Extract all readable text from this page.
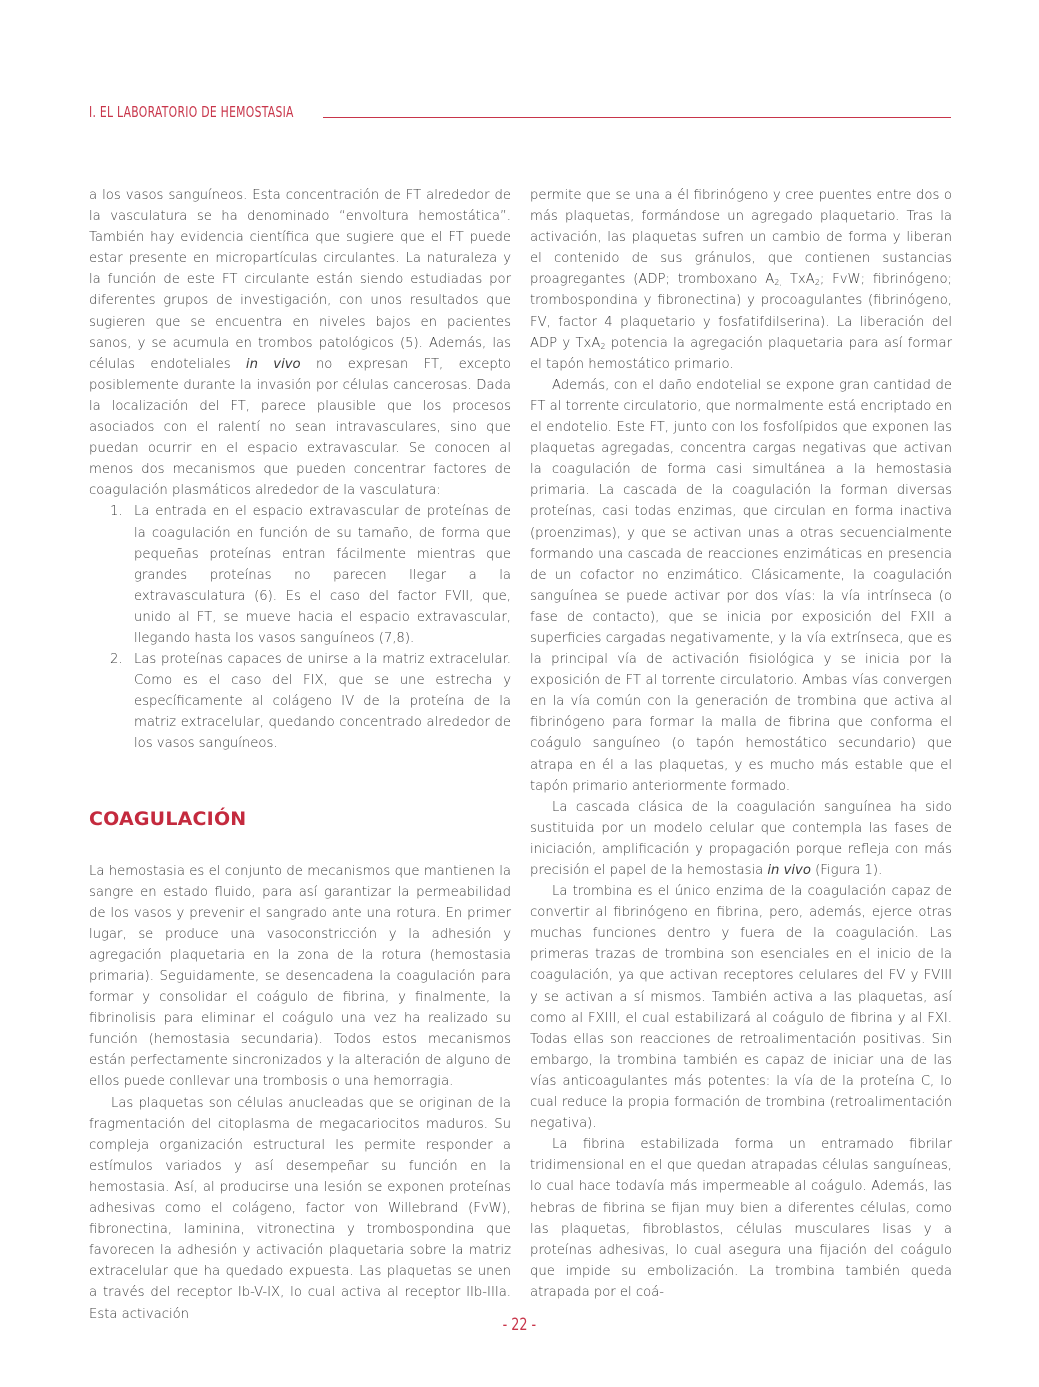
I. EL LABORATORIO DE HEMOSTASIA

a los vasos sanguíneos. Esta concentración de FT alrededor de la vasculatura se ha denominado “envoltura hemostática”. También hay evidencia científica que sugiere que el FT puede estar presente en micropartículas circulantes. La naturaleza y la función de este FT circulante están siendo estudiadas por diferentes grupos de investigación, con unos resultados que sugieren que se encuentra en niveles bajos en pacientes sanos, y se acumula en trombos patológicos (5). Además, las células endoteliales in vivo no expresan FT, excepto posiblemente durante la invasión por células cancerosas. Dada la localización del FT, parece plausible que los procesos asociados con el ralentí no sean intravasculares, sino que puedan ocurrir en el espacio extravascular. Se conocen al menos dos mecanismos que pueden concentrar factores de coagulación plasmáticos alrededor de la vasculatura:

1. La entrada en el espacio extravascular de proteínas de la coagulación en función de su tamaño, de forma que pequeñas proteínas entran fácilmente mientras que grandes proteínas no parecen llegar a la extravasculatura (6). Es el caso del factor FVII, que, unido al FT, se mueve hacia el espacio extravascular, llegando hasta los vasos sanguíneos (7,8).
2. Las proteínas capaces de unirse a la matriz extracelular. Como es el caso del FIX, que se une estrecha y específicamente al colágeno IV de la proteína de la matriz extracelular, quedando concentrado alrededor de los vasos sanguíneos.
COAGULACIÓN

La hemostasia es el conjunto de mecanismos que mantienen la sangre en estado fluido, para así garantizar la permeabilidad de los vasos y prevenir el sangrado ante una rotura. En primer lugar, se produce una vasoconstricción y la adhesión y agregación plaquetaria en la zona de la rotura (hemostasia primaria). Seguidamente, se desencadena la coagulación para formar y consolidar el coágulo de fibrina, y finalmente, la fibrinolisis para eliminar el coágulo una vez ha realizado su función (hemostasia secundaria). Todos estos mecanismos están perfectamente sincronizados y la alteración de alguno de ellos puede conllevar una trombosis o una hemorragia.

Las plaquetas son células anucleadas que se originan de la fragmentación del citoplasma de megacariocitos maduros. Su compleja organización estructural les permite responder a estímulos variados y así desempeñar su función en la hemostasia. Así, al producirse una lesión se exponen proteínas adhesivas como el colágeno, factor von Willebrand (FvW), fibronectina, laminina, vitronectina y trombospondina que favorecen la adhesión y activación plaquetaria sobre la matriz extracelular que ha quedado expuesta. Las plaquetas se unen a través del receptor Ib-V-IX, lo cual activa al receptor IIb-IIIa. Esta activación

permite que se una a él fibrinógeno y cree puentes entre dos o más plaquetas, formándose un agregado plaquetario. Tras la activación, las plaquetas sufren un cambio de forma y liberan el contenido de sus gránulos, que contienen sustancias proagregantes (ADP; tromboxano $A_{2,}$ TxA$_2$; FvW; fibrinógeno; trombospondina y fibronectina) y procoagulantes (fibrinógeno, FV, factor 4 plaquetario y fosfatifdilserina). La liberación del ADP y TxA$_2$ potencia la agregación plaquetaria para así formar el tapón hemostático primario.

Además, con el daño endotelial se expone gran cantidad de FT al torrente circulatorio, que normalmente está encriptado en el endotelio. Este FT, junto con los fosfolípidos que exponen las plaquetas agregadas, concentra cargas negativas que activan la coagulación de forma casi simultánea a la hemostasia primaria. La cascada de la coagulación la forman diversas proteínas, casi todas enzimas, que circulan en forma inactiva (proenzimas), y que se activan unas a otras secuencialmente formando una cascada de reacciones enzimáticas en presencia de un cofactor no enzimático. Clásicamente, la coagulación sanguínea se puede activar por dos vías: la vía intrínseca (o fase de contacto), que se inicia por exposición del FXII a superficies cargadas negativamente, y la vía extrínseca, que es la principal vía de activación fisiológica y se inicia por la exposición de FT al torrente circulatorio. Ambas vías convergen en la vía común con la generación de trombina que activa al fibrinógeno para formar la malla de fibrina que conforma el coágulo sanguíneo (o tapón hemostático secundario) que atrapa en él a las plaquetas, y es mucho más estable que el tapón primario anteriormente formado.

La cascada clásica de la coagulación sanguínea ha sido sustituida por un modelo celular que contempla las fases de iniciación, amplificación y propagación porque refleja con más precisión el papel de la hemostasia in vivo (Figura 1).

La trombina es el único enzima de la coagulación capaz de convertir al fibrinógeno en fibrina, pero, además, ejerce otras muchas funciones dentro y fuera de la coagulación. Las primeras trazas de trombina son esenciales en el inicio de la coagulación, ya que activan receptores celulares del FV y FVIII y se activan a sí mismos. También activa a las plaquetas, así como al FXIII, el cual estabilizará al coágulo de fibrina y al FXI. Todas ellas son reacciones de retroalimentación positivas. Sin embargo, la trombina también es capaz de iniciar una de las vías anticoagulantes más potentes: la vía de la proteína C, lo cual reduce la propia formación de trombina (retroalimentación negativa).

La fibrina estabilizada forma un entramado fibrilar tridimensional en el que quedan atrapadas células sanguíneas, lo cual hace todavía más impermeable al coágulo. Además, las hebras de fibrina se fijan muy bien a diferentes células, como las plaquetas, fibroblastos, células musculares lisas y a proteínas adhesivas, lo cual asegura una fijación del coágulo que impide su embolización. La trombina también queda atrapada por el coá-

- 22 -
